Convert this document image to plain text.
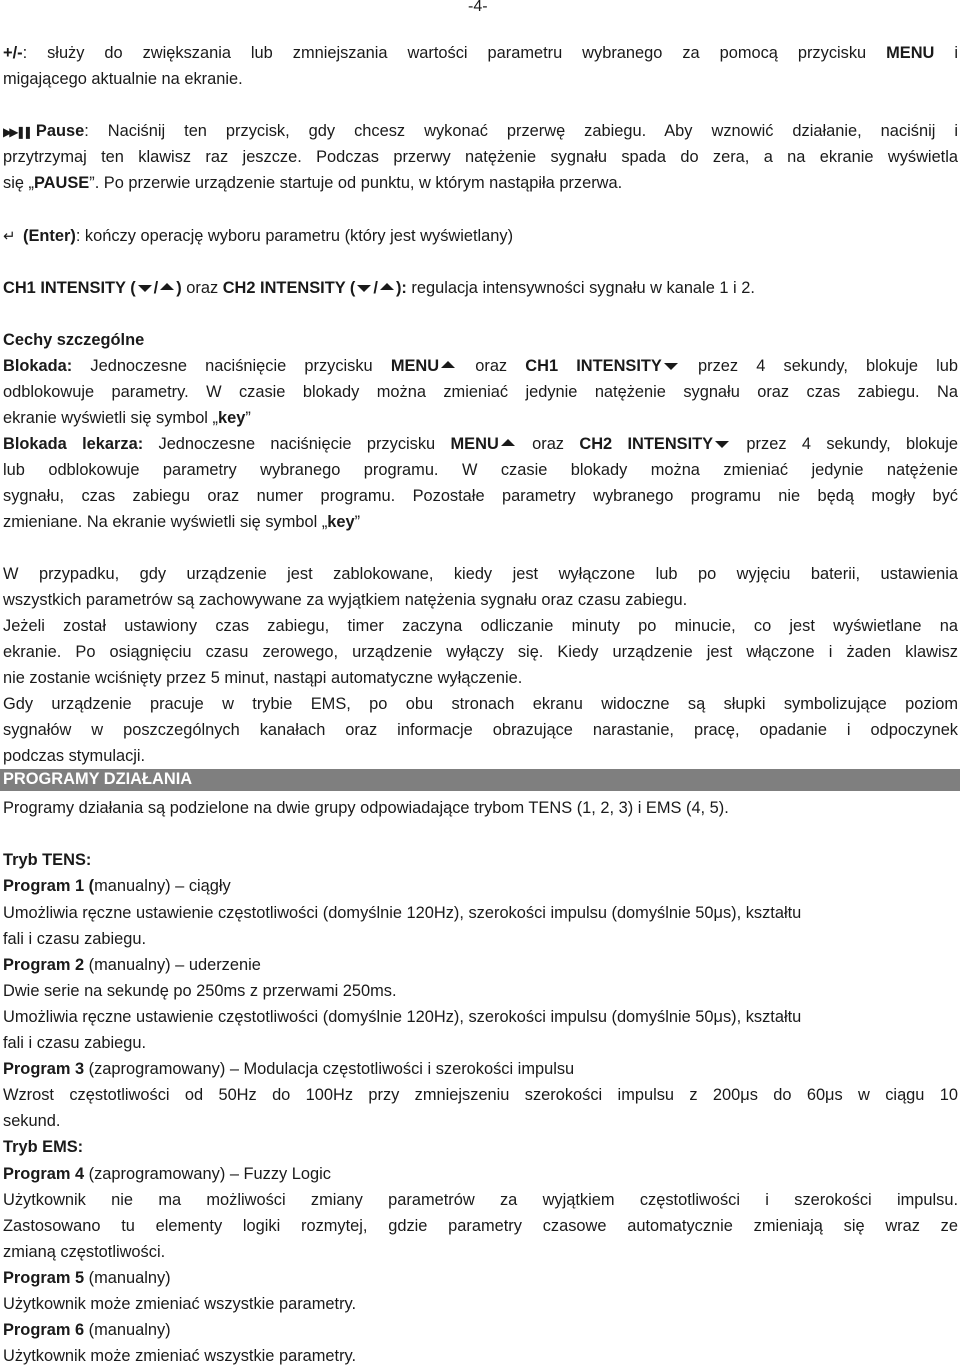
-4-
+/-: służy do zwiększania lub zmniejszania wartości parametru wybranego za pomocą przycisku MENU i
migającego aktualnie na ekranie.
▶▶ ❚❚ Pause: Naciśnij ten przycisk, gdy chcesz wykonać przerwę zabiegu. Aby wznowić działanie, naciśnij i
przytrzymaj ten klawisz raz jeszcze. Podczas przerwy natężenie sygnału spada do zera, a na ekranie wyświetla
się „PAUSE”. Po przerwie urządzenie startuje od punktu, w którym nastąpiła przerwa.
↵ (Enter): kończy operację wyboru parametru (który jest wyświetlany)
CH1 INTENSITY ( / ) oraz CH2 INTENSITY ( / ): regulacja intensywności sygnału w kanale 1 i 2.
Cechy szczególne
Blokada: Jednoczesne naciśnięcie przycisku MENU oraz CH1 INTENSITY przez 4 sekundy, blokuje lub
odblokowuje parametry. W czasie blokady można zmieniać jedynie natężenie sygnału oraz czas zabiegu. Na
ekranie wyświetli się symbol „key”
Blokada lekarza: Jednoczesne naciśnięcie przycisku MENU oraz CH2 INTENSITY przez 4 sekundy, blokuje
lub odblokowuje parametry wybranego programu. W czasie blokady można zmieniać jedynie natężenie
sygnału, czas zabiegu oraz numer programu. Pozostałe parametry wybranego programu nie będą mogły być
zmieniane. Na ekranie wyświetli się symbol „key”
W przypadku, gdy urządzenie jest zablokowane, kiedy jest wyłączone lub po wyjęciu baterii, ustawienia
wszystkich parametrów są zachowywane za wyjątkiem natężenia sygnału oraz czasu zabiegu.
Jeżeli został ustawiony czas zabiegu, timer zaczyna odliczanie minuty po minucie, co jest wyświetlane na
ekranie. Po osiągnięciu czasu zerowego, urządzenie wyłączy się. Kiedy urządzenie jest włączone i żaden klawisz
nie zostanie wciśnięty przez 5 minut, nastąpi automatyczne wyłączenie.
Gdy urządzenie pracuje w trybie EMS, po obu stronach ekranu widoczne są słupki symbolizujące poziom
sygnałów w poszczególnych kanałach oraz informacje obrazujące narastanie, pracę, opadanie i odpoczynek
podczas stymulacji.
PROGRAMY DZIAŁANIA
Programy działania są podzielone na dwie grupy odpowiadające trybom TENS (1, 2, 3) i EMS (4, 5).
Tryb TENS:
Program 1 (manualny) – ciągły
Umożliwia ręczne ustawienie częstotliwości (domyślnie 120Hz), szerokości impulsu (domyślnie 50μs), kształtu
fali i czasu zabiegu.
Program 2 (manualny) – uderzenie
Dwie serie na sekundę po 250ms z przerwami 250ms.
Umożliwia ręczne ustawienie częstotliwości (domyślnie 120Hz), szerokości impulsu (domyślnie 50μs), kształtu
fali i czasu zabiegu.
Program 3 (zaprogramowany) – Modulacja częstotliwości i szerokości impulsu
Wzrost częstotliwości od 50Hz do 100Hz przy zmniejszeniu szerokości impulsu z 200μs do 60μs w ciągu 10
sekund.
Tryb EMS:
Program 4 (zaprogramowany) – Fuzzy Logic
Użytkownik nie ma możliwości zmiany parametrów za wyjątkiem częstotliwości i szerokości impulsu.
Zastosowano tu elementy logiki rozmytej, gdzie parametry czasowe automatycznie zmieniają się wraz ze
zmianą częstotliwości.
Program 5 (manualny)
Użytkownik może zmieniać wszystkie parametry.
Program 6 (manualny)
Użytkownik może zmieniać wszystkie parametry.
